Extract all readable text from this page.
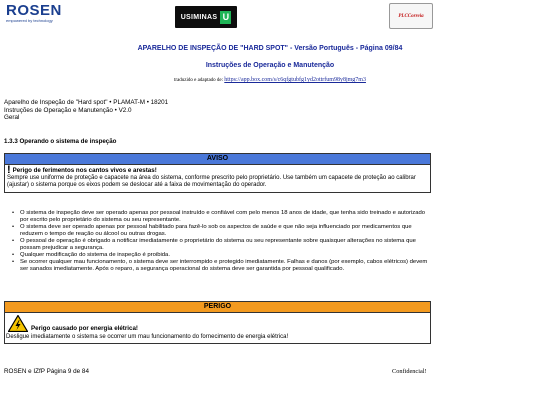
ROSEN
empowered by technology	USIMINAS U	PLCCorreia
APARELHO DE INSPEÇÃO DE "HARD SPOT" - Versão Português - Página 09/84
Instruções de Operação e Manutenção
traduzido e adaptado de: https://app.box.com/s/c6qfgtubfg1yd2ottrfum98y8jmg7m3
Aparelho de Inspeção de "Hard spot" • PLAMAT-M • 18201
Instruções de Operação e Manutenção • V2.0
Geral
1.3.3 Operando o sistema de inspeção
AVISO
! Perigo de ferimentos nos cantos vivos e arestas!
Sempre use uniforme de proteção e capacete na área do sistema, conforme prescrito pelo proprietário. Use também um capacete de proteção ao calibrar (ajustar) o sistema porque os eixos podem se deslocar até a faixa de movimentação do operador.
• O sistema de inspeção deve ser operado apenas por pessoal instruído e confiável com pelo menos 18 anos de idade, que tenha sido treinado e autorizado por escrito pelo proprietário do sistema ou seu representante.
• O sistema deve ser operado apenas por pessoal habilitado para fazê-lo sob os aspectos de saúde e que não seja influenciado por medicamentos que reduzem o tempo de reação ou álcool ou outras drogas.
• O pessoal de operação é obrigado a notificar imediatamente o proprietário do sistema ou seu representante sobre quaisquer alterações no sistema que possam prejudicar a segurança.
• Qualquer modificação do sistema de inspeção é proibida.
• Se ocorrer qualquer mau funcionamento, o sistema deve ser interrompido e protegido imediatamente. Falhas e danos (por exemplo, cabos elétricos) devem ser sanados imediatamente. Após o reparo, a segurança operacional do sistema deve ser garantida por pessoal qualificado.
PERIGO
Perigo causado por energia elétrica!
Desligue imediatamente o sistema se ocorrer um mau funcionamento do fornecimento de energia elétrica!
ROSEN e IZfP Página 9 de 84	Confidencial!
